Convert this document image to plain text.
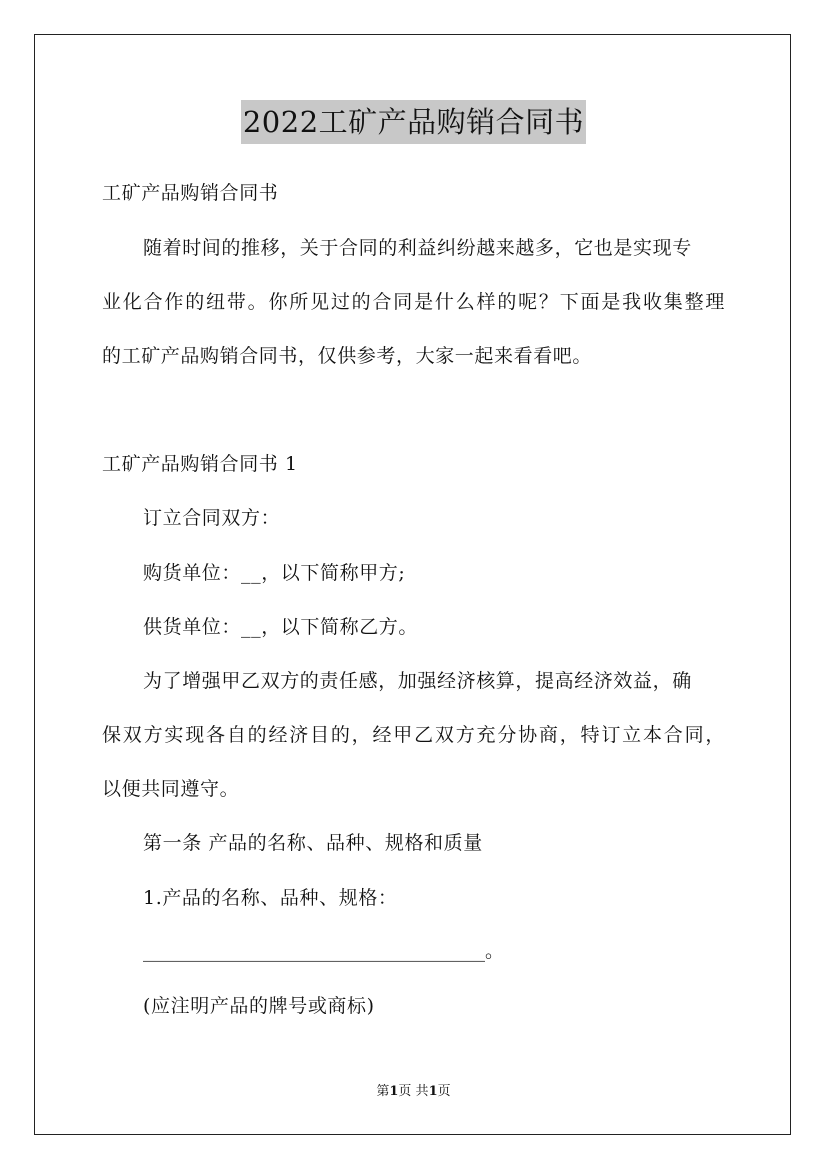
2022工矿产品购销合同书
工矿产品购销合同书
随着时间的推移，关于合同的利益纠纷越来越多，它也是实现专
业化合作的纽带。你所见过的合同是什么样的呢？下面是我收集整理
的工矿产品购销合同书，仅供参考，大家一起来看看吧。
工矿产品购销合同书 1
订立合同双方：
购货单位：__，以下简称甲方;
供货单位：__，以下简称乙方。
为了增强甲乙双方的责任感，加强经济核算，提高经济效益，确
保双方实现各自的经济目的，经甲乙双方充分协商，特订立本合同，
以便共同遵守。
第一条 产品的名称、品种、规格和质量
1.产品的名称、品种、规格：
____________________________________。
(应注明产品的牌号或商标)
第1页 共1页
